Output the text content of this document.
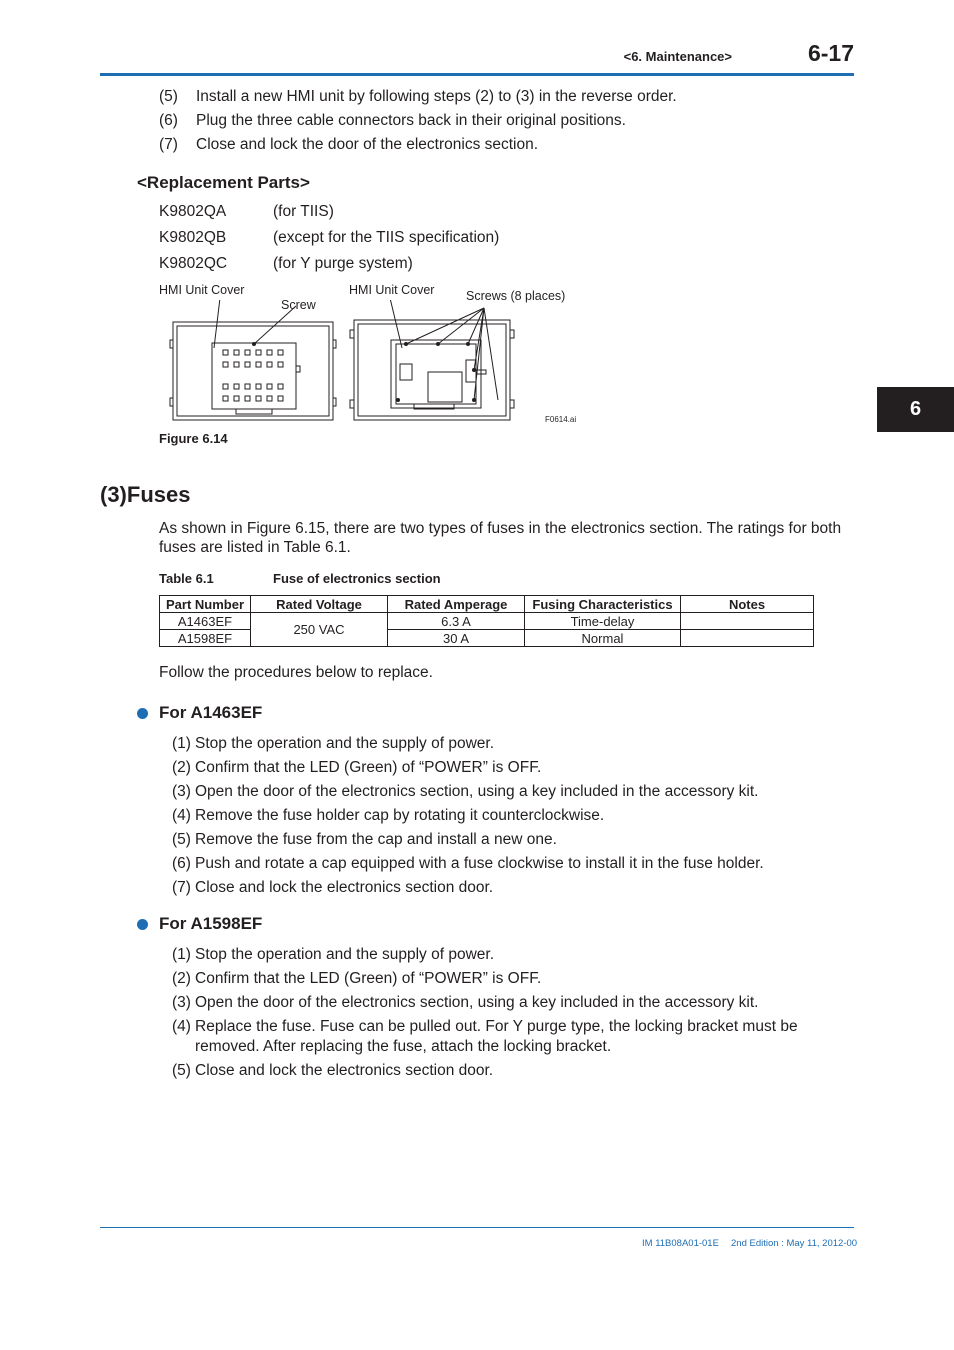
<6. Maintenance>	6-17
6
(5) Install a new HMI unit by following steps (2) to (3) in the reverse order.
(6) Plug the three cable connectors back in their original positions.
(7) Close and lock the door of the electronics section.
<Replacement Parts>
K9802QA	(for TIIS)
K9802QB	(except for the TIIS specification)
K9802QC	(for Y purge system)
HMI Unit Cover
Screw
HMI Unit Cover	Screws (8 places)
F0614.ai
Figure 6.14
(3)Fuses
As shown in Figure 6.15, there are two types of fuses in the electronics section. The ratings for both fuses are listed in Table 6.1.
Table 6.1	Fuse of electronics section
Part Number	Rated Voltage	Rated Amperage	Fusing Characteristics	Notes
A1463EF	250 VAC	6.3 A	Time-delay	
A1598EF		30 A	Normal	
Follow the procedures below to replace.
For A1463EF
(1) Stop the operation and the supply of power.
(2) Confirm that the LED (Green) of “POWER” is OFF.
(3) Open the door of the electronics section, using a key included in the accessory kit.
(4) Remove the fuse holder cap by rotating it counterclockwise.
(5) Remove the fuse from the cap and install a new one.
(6) Push and rotate a cap equipped with a fuse clockwise to install it in the fuse holder.
(7) Close and lock the electronics section door.
For A1598EF
(1) Stop the operation and the supply of power.
(2) Confirm that the LED (Green) of “POWER” is OFF.
(3) Open the door of the electronics section, using a key included in the accessory kit.
(4) Replace the fuse. Fuse can be pulled out. For Y purge type, the locking bracket must be removed. After replacing the fuse, attach the locking bracket.
(5) Close and lock the electronics section door.
IM 11B08A01-01E 2nd Edition : May 11, 2012-00
